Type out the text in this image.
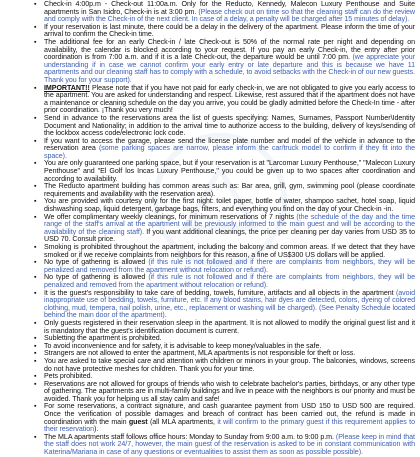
▪ Check-in 4:00p.m - Check-out 11:00a.m. Only for the Reducto, Kennedy, Malecon Luxury Penthouse and Suite apartments in San Isidro, Check-in is at 3:00 pm. (Please check out on time so that the cleaning staff can do the review and comply with the Check-in of the next client. In case of a delay, a penalty will be charged after 15 minutes of delay).
▪ If your reservation is last minute, there could be a delay in the delivery of the apartment. Please inform the time of your arrival to confirm the Check-in time.
▪ The additional fee for an early Check-in / late Check-out is 50% of the normal rate per night and depending on availability, the calendar is blocked according to your request. If you pay an early Check-in, the entry after prior coordination is from 7:00 a.m. and if it is a late Check-out, the departure would be until 7:00 pm. (we appreciate your understanding if in case we cannot confirm your early entry or late departure and this is because we have 11 apartments and our cleaning staff has to comply with a schedule, to avoid setbacks with the Check-in of our new guests. Thank you for your support).
▪ IMPORTANT!! Please note that if you have not paid for early check-in, we are not obligated to give you early access to the apartment. You are asked for understanding and respect. Likewise, rest assured that if the apartment does not have a maintenance or cleaning schedule on the day you arrive, you could be gladly admitted before the Check-In time - after prior coordination. ¡Thank you very much!
▪ Send in advance to the reservations area the list of guests specifying: Names, Surnames, Passport Number\Identity Document and Nationality; in addition to the arrival time to authorize access to the building, delivery of keys/sending of the lockbox access code/electronic lock code.
▪ If you want to access the garage, please send the license plate number and model of the vehicle in advance to the reservation area (some parking spaces are narrow, please inform the car/truck model to confirm if they fit into the space).
▪ You are only guaranteed one parking space, but if your reservation is at "Larcomar Luxury Penthouse," "Malecon Luxury Penthouse" and "El Golf los Incas Luxury Penthouse," you could be given up to two spaces after coordination and according to availability.
▪ The Reducto apartment building has common areas such as: Bar area, grill, gym, swimming pool (please coordinate requirements and availability with the reservation area).
▪ You are provided with courtesy only for the first night: toilet paper, bottle of water, shampoo sachet, hotel soap, liquid dishwashing soap, liquid detergent, garbage bags, filters, and everything you find on the day of your Check-in -in.
▪ We offer complimentary weekly cleanings, for minimum reservations of 7 nights (the schedule of the day and the time range of the staff's arrival at the apartment will be previously informed to the main guest and will be according to the availability of the cleaning staff). If you want additional cleanings, the price per cleaning per day varies from USD 35 to USD 70. Consult price.
▪ Smoking is prohibited throughout the apartment, including the balcony and common areas. If we detect that they have smoked or if we receive complaints from neighbors for this reason, a fine of US$300 US dollars will be applied.
▪ No type of gathering is allowed (if this rule is not followed and if there are complaints from neighbors, they will be penalized and removed from the apartment without relocation or refund).
▪ No type of gathering is allowed (if this rule is not followed and if there are complaints from neighbors, they will be penalized and removed from the apartment without relocation or refund).
▪ It is the guest's responsibility to take care of bedding, towels, furniture, artifacts and all objects in the apartment (avoid inappropriate use of bedding, towels, furniture, etc. If any blood stains, hair dyes are detected, colors, dyeing of colored clothing, mud, tempera, nail polish, urine, etc., replacement or washing will be charged). (See Penalty Schedule located behind the main door of the apartment).
▪ Only guests registered in their reservation sleep in the apartment. It is not allowed to modify the original guest list and it is mandatory that the guest's identification document is current.
▪ Subletting the apartment is prohibited.
▪ To avoid inconvenience and for safety, it is advisable to keep money/valuables in the safe.
▪ Strangers are not allowed to enter the apartment, MLA apartments is not responsible for theft or loss.
▪ You are asked to take special care and attention with children or minors in your group. The balconies, windows, screens do not have protective meshes for children. Thank you for your time.
▪ Pets prohibited.
▪ Reservations are not allowed for groups of friends who wish to celebrate bachelor's parties, birthdays, or any other type of gathering. The apartments are in multi-family buildings and live in peace with the neighbors is our priority and must be avoided. Thank you for helping us all stay calm and safe!
▪ For some reservations, a contract signature, and cash guarantee payment from USD 150 to USD 500 are required. Once the verification of possible damages and breach of contract has been carried out, the refund is made in coordination with the main guest (all MLA apartments, it will confirm to the primary guest if this requirement applies to their reservation).
▪ The MLA apartments staff follows office hours: Monday to Sunday from 9:00 a.m. to 9:00 p.m. (Please keep in mind that the staff does not work 24/7, however, the main guest of the reservation is asked to be in constant communication with Katerina/Mariana in case of any questions or eventualities to assist them as soon as possible possible).
